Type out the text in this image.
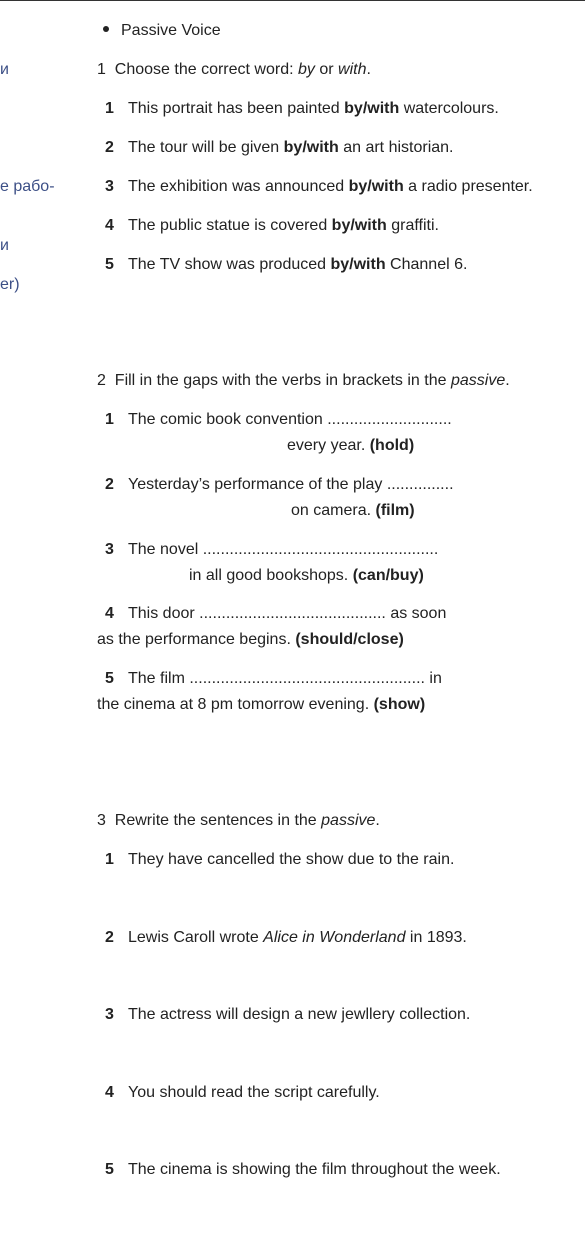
и
е рабо-
и
er)
Passive Voice
1 Choose the correct word: by or with.
1 This portrait has been painted by/with watercolours.
2 The tour will be given by/with an art historian.
3 The exhibition was announced by/with a radio presenter.
4 The public statue is covered by/with graffiti.
5 The TV show was produced by/with Channel 6.
2 Fill in the gaps with the verbs in brackets in the passive.
1 The comic book convention ............................
every year. (hold)
2 Yesterday’s performance of the play ...............
on camera. (film)
3 The novel .....................................................
in all good bookshops. (can/buy)
4 This door .......................................... as soon
as the performance begins. (should/close)
5 The film ..................................................... in
the cinema at 8 pm tomorrow evening. (show)
3 Rewrite the sentences in the passive.
1 They have cancelled the show due to the rain.
2 Lewis Caroll wrote Alice in Wonderland in 1893.
3 The actress will design a new jewllery collection.
4 You should read the script carefully.
5 The cinema is showing the film throughout the week.
